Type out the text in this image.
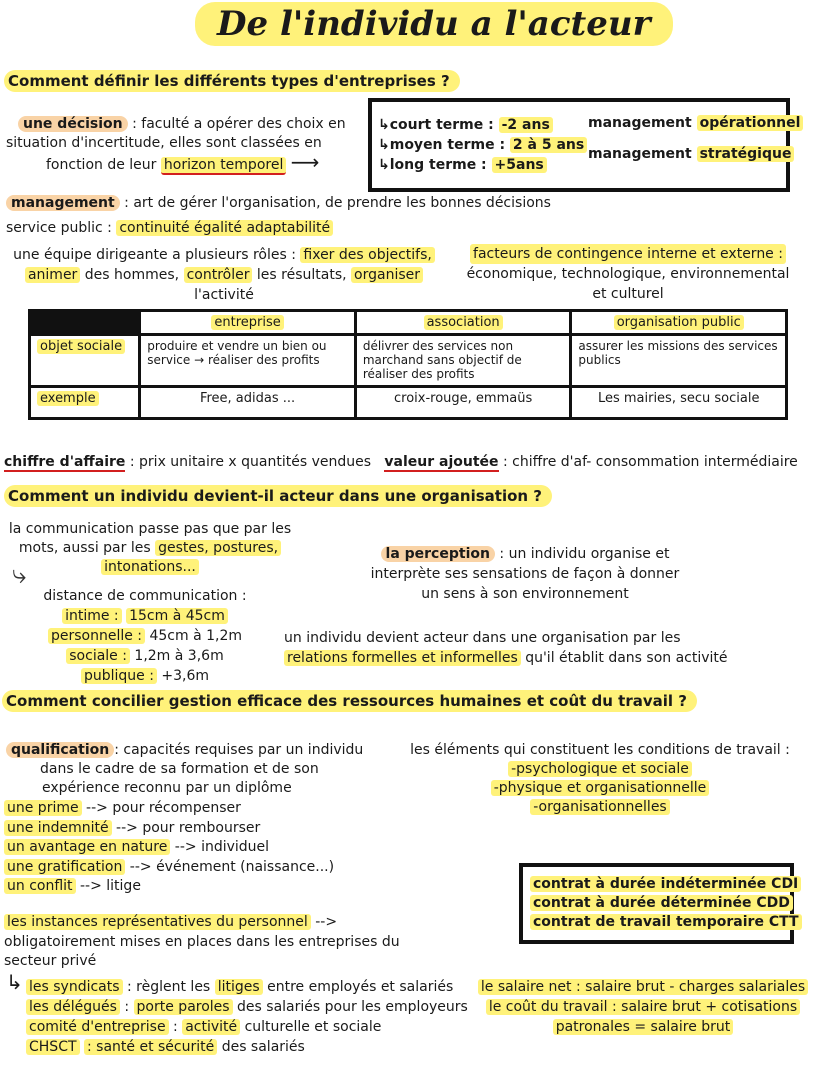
De l'individu a l'acteur
Comment définir les différents types d'entreprises ?
une décision : faculté a opérer des choix en
situation d'incertitude, elles sont classées en
fonction de leur horizon temporel ⟶
↳court terme : -2 ans
↳moyen terme : 2 à 5 ans
↳long terme : +5ans
management opérationnel
management stratégique
management : art de gérer l'organisation, de prendre les bonnes décisions
service public : continuité égalité adaptabilité
une équipe dirigeante a plusieurs rôles : fixer des objectifs,
animer des hommes, contrôler les résultats, organiser
l'activité
facteurs de contingence interne et externe :
économique, technologique, environnemental
et culturel
	entreprise	association	organisation public
objet sociale	produire et vendre un bien ou service → réaliser des profits	délivrer des services non marchand sans objectif de réaliser des profits	assurer les missions des services publics
exemple	Free, adidas ...	croix-rouge, emmaüs	Les mairies, secu sociale
chiffre d'affaire : prix unitaire x quantités vendues valeur ajoutée : chiffre d'af- consommation intermédiaire
Comment un individu devient-il acteur dans une organisation ?
la communication passe pas que par les
mots, aussi par les gestes, postures,
intonations...
⤷
distance de communication :
intime : 15cm à 45cm
personnelle : 45cm à 1,2m
sociale : 1,2m à 3,6m
publique : +3,6m
la perception : un individu organise et
interprète ses sensations de façon à donner
un sens à son environnement
un individu devient acteur dans une organisation par les
relations formelles et informelles qu'il établit dans son activité
Comment concilier gestion efficace des ressources humaines et coût du travail ?
qualification : capacités requises par un individu
dans le cadre de sa formation et de son
expérience reconnu par un diplôme
une prime --> pour récompenser
une indemnité --> pour rembourser
un avantage en nature --> individuel
une gratification --> événement (naissance...)
un conflit --> litige
les éléments qui constituent les conditions de travail :
-psychologique et sociale
-physique et organisationnelle
-organisationnelles
contrat à durée indéterminée CDI
contrat à durée déterminée CDD
contrat de travail temporaire CTT
les instances représentatives du personnel -->
obligatoirement mises en places dans les entreprises du
secteur privé
↳ les syndicats : règlent les litiges entre employés et salariés
les délégués : porte paroles des salariés pour les employeurs
comité d'entreprise : activité culturelle et sociale
CHSCT : santé et sécurité des salariés
le salaire net : salaire brut - charges salariales
le coût du travail : salaire brut + cotisations
patronales = salaire brut
